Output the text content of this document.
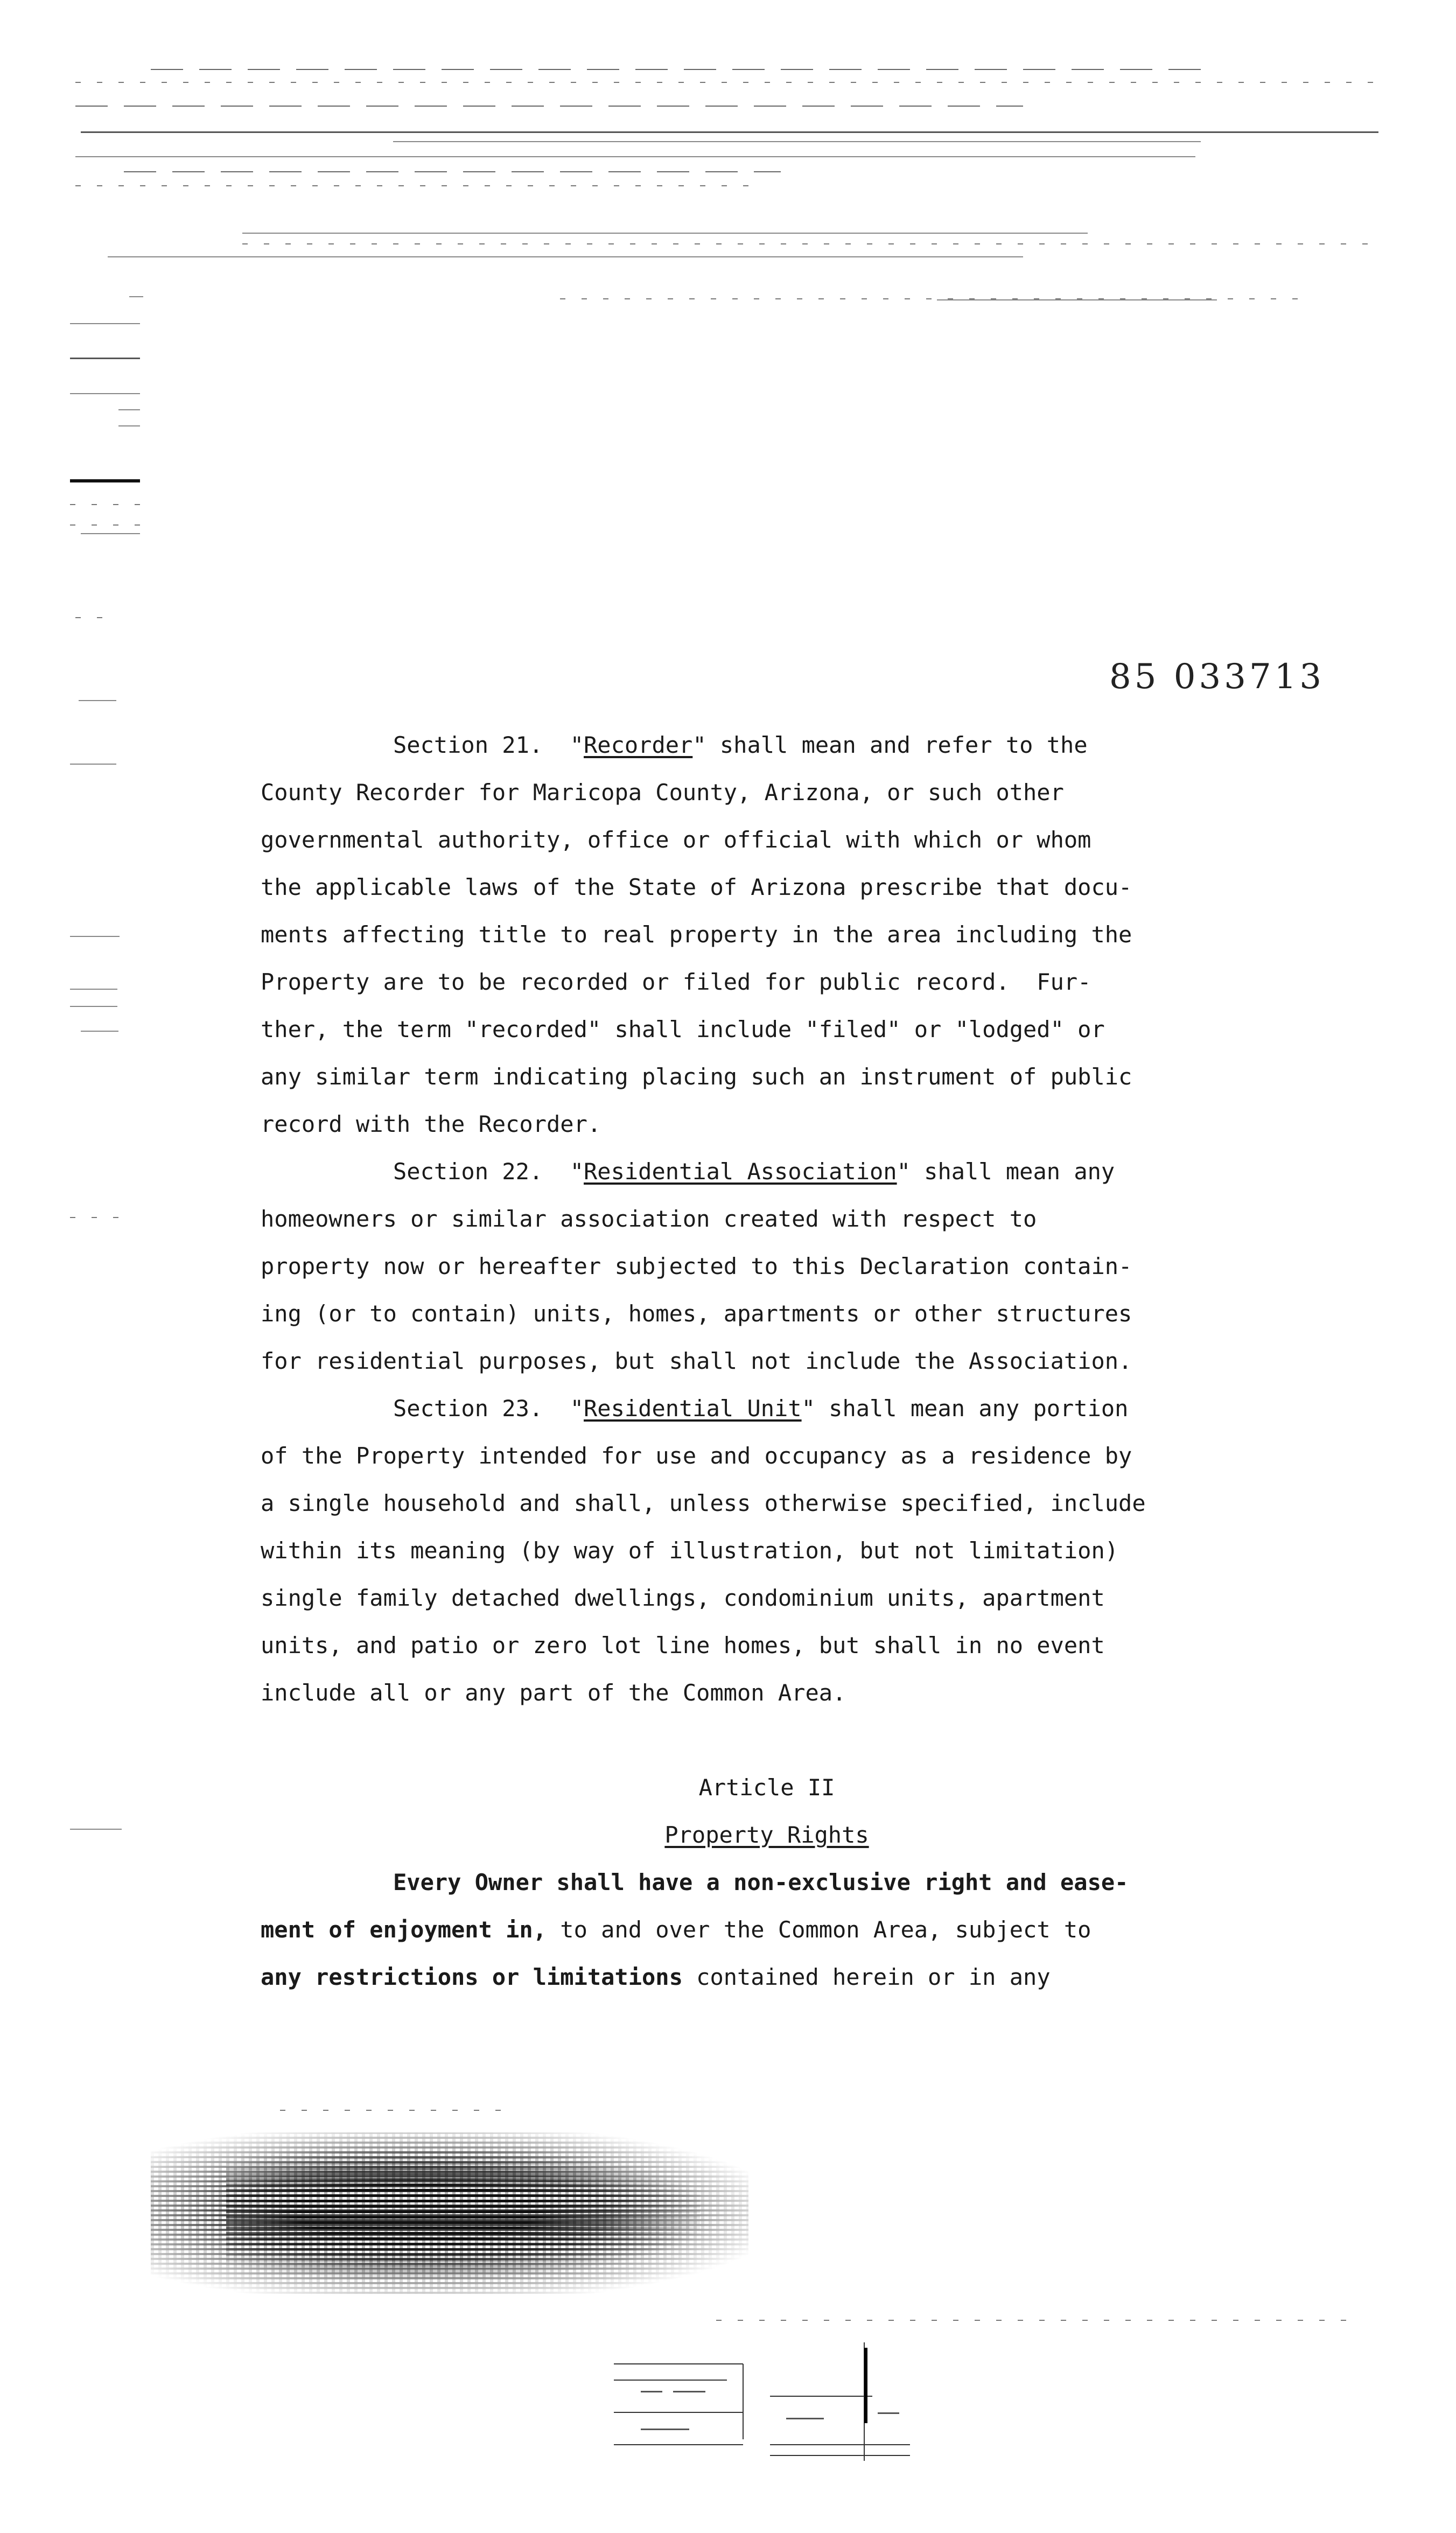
85 033713
Section 21.  "Recorder" shall mean and refer to the
County Recorder for Maricopa County, Arizona, or such other
governmental authority, office or official with which or whom
the applicable laws of the State of Arizona prescribe that docu-
ments affecting title to real property in the area including the
Property are to be recorded or filed for public record.  Fur-
ther, the term "recorded" shall include "filed" or "lodged" or
any similar term indicating placing such an instrument of public
record with the Recorder.
Section 22.  "Residential Association" shall mean any
homeowners or similar association created with respect to
property now or hereafter subjected to this Declaration contain-
ing (or to contain) units, homes, apartments or other structures
for residential purposes, but shall not include the Association.
Section 23.  "Residential Unit" shall mean any portion
of the Property intended for use and occupancy as a residence by
a single household and shall, unless otherwise specified, include
within its meaning (by way of illustration, but not limitation)
single family detached dwellings, condominium units, apartment
units, and patio or zero lot line homes, but shall in no event
include all or any part of the Common Area.
Article II
Property Rights
Every Owner shall have a non-exclusive right and ease-
ment of enjoyment in, to and over the Common Area, subject to
any restrictions or limitations contained herein or in any
